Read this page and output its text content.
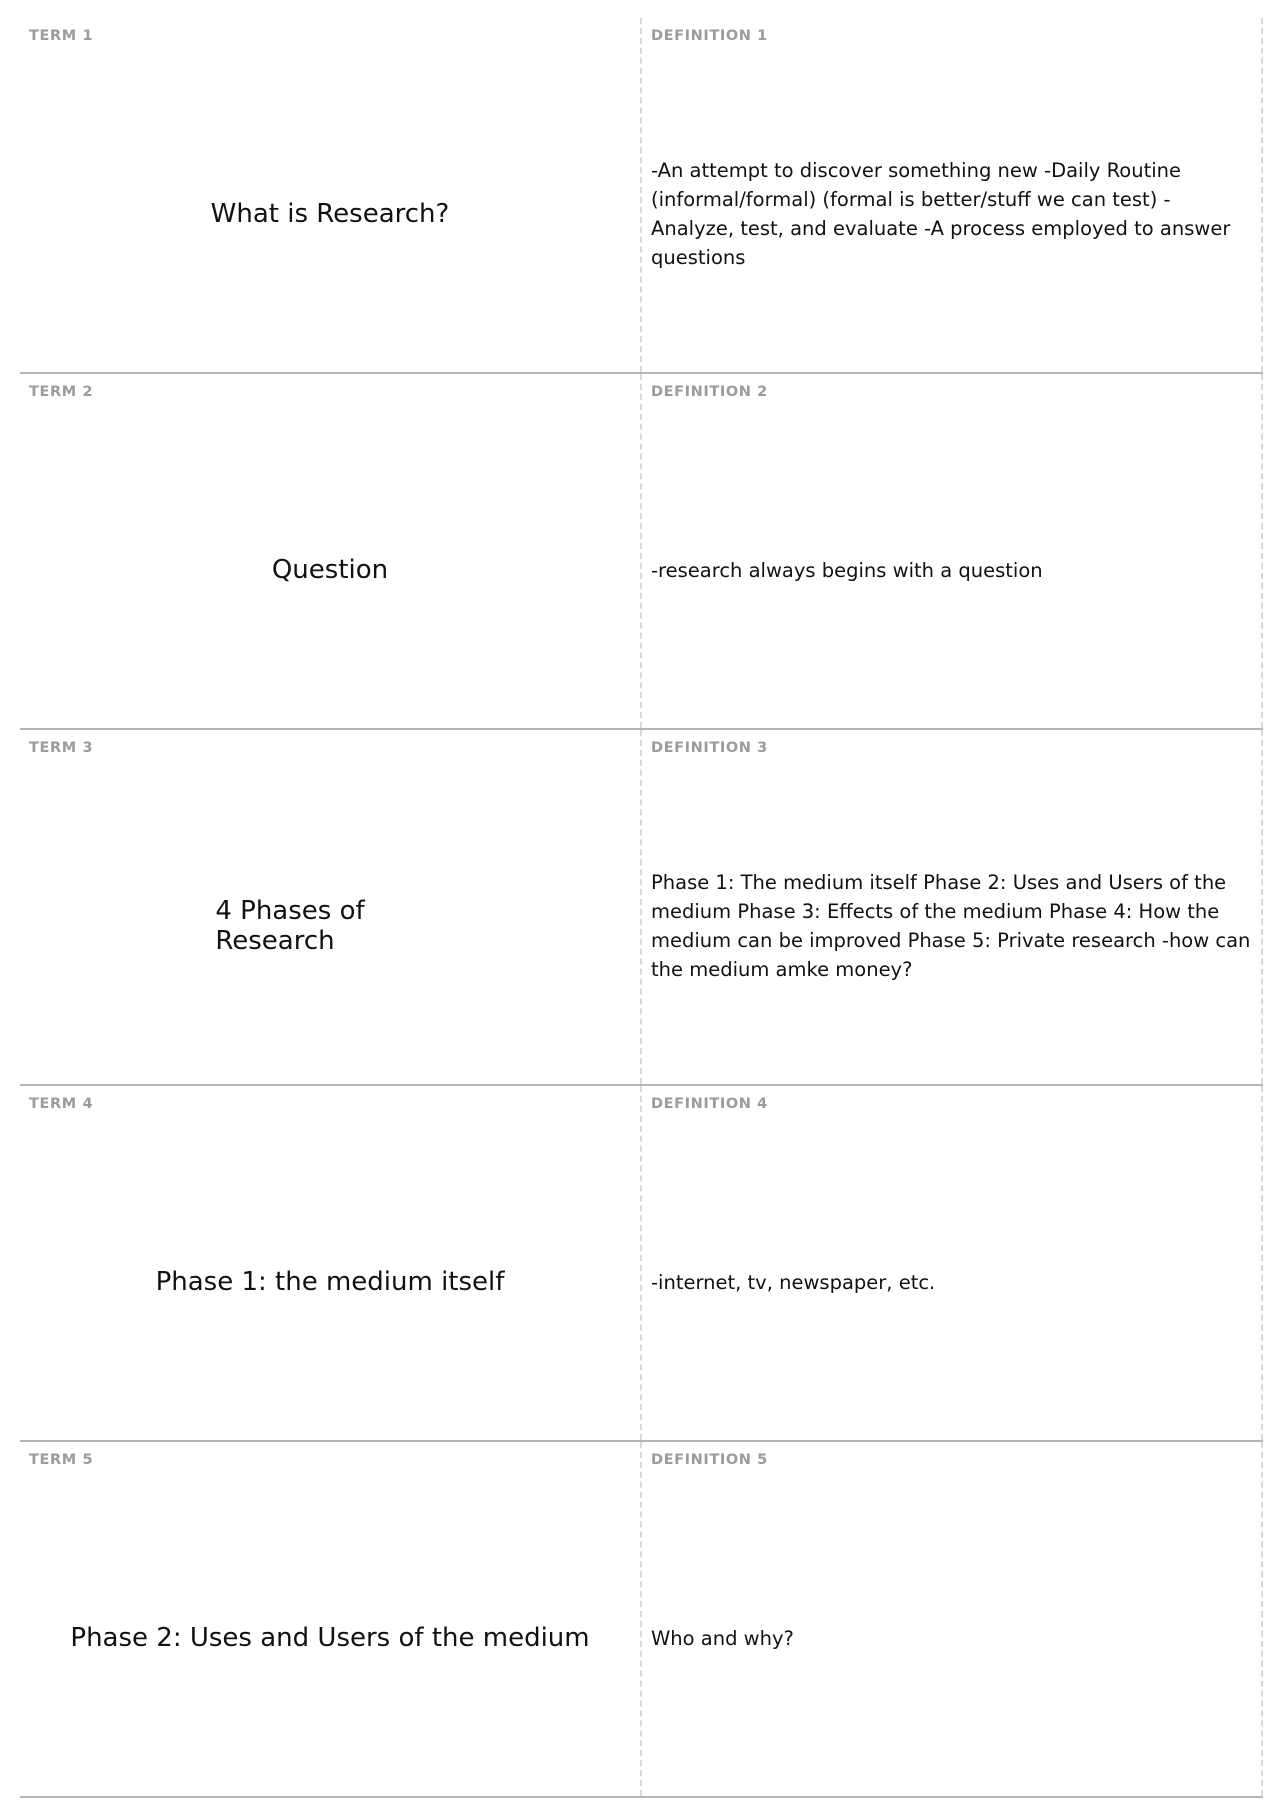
TERM 1
What is Research?
DEFINITION 1
-An attempt to discover something new -Daily Routine (informal/formal) (formal is better/stuff we can test) -Analyze, test, and evaluate -A process employed to answer questions
TERM 2
Question
DEFINITION 2
-research always begins with a question
TERM 3
4 Phases of
Research
DEFINITION 3
Phase 1: The medium itself Phase 2: Uses and Users of the medium Phase 3: Effects of the medium Phase 4: How the medium can be improved Phase 5: Private research -how can the medium amke money?
TERM 4
Phase 1: the medium itself
DEFINITION 4
-internet, tv, newspaper, etc.
TERM 5
Phase 2: Uses and Users of the medium
DEFINITION 5
Who and why?
